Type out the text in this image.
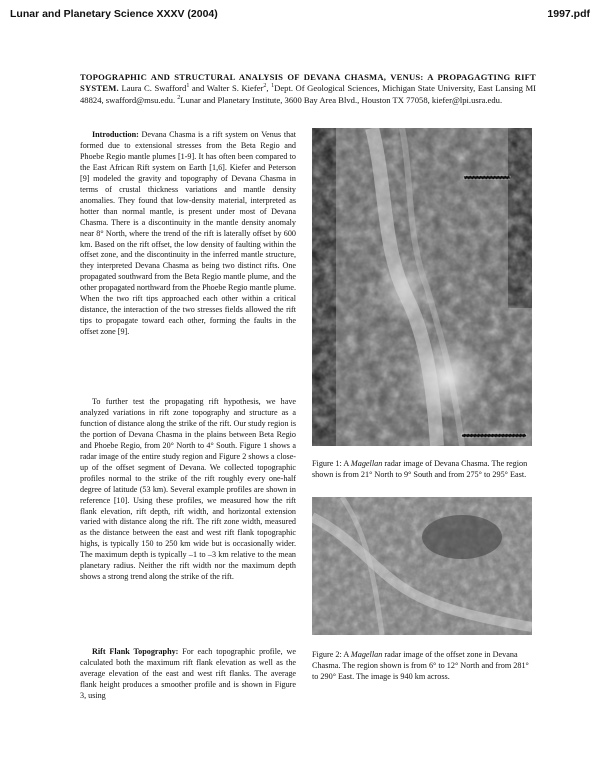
Lunar and Planetary Science XXXV (2004)	1997.pdf
TOPOGRAPHIC AND STRUCTURAL ANALYSIS OF DEVANA CHASMA, VENUS: A PROPAGAGTING RIFT SYSTEM. Laura C. Swafford$^1$ and Walter S. Kiefer$^2$, $^1$Dept. Of Geological Sciences, Michigan State University, East Lansing MI 48824, swafford@msu.edu. $^2$Lunar and Planetary Institute, 3600 Bay Area Blvd., Houston TX 77058, kiefer@lpi.usra.edu.

Introduction: Devana Chasma is a rift system on Venus that formed due to extensional stresses from the Beta Regio and Phoebe Regio mantle plumes [1-9]. It has often been compared to the East African Rift system on Earth [1,6]. Kiefer and Peterson [9] modeled the gravity and topography of Devana Chasma in terms of crustal thickness variations and mantle density anomalies. They found that low-density material, interpreted as hotter than normal mantle, is present under most of Devana Chasma. There is a discontinuity in the mantle density anomaly near 8° North, where the trend of the rift is laterally offset by 600 km. Based on the rift offset, the low density of faulting within the offset zone, and the discontinuity in the inferred mantle structure, they interpreted Devana Chasma as being two distinct rifts. One propagated southward from the Beta Regio mantle plume, and the other propagated northward from the Phoebe Regio mantle plume. When the two rift tips approached each other within a critical distance, the interaction of the two stresses fields allowed the rift tips to propagate toward each other, forming the faults in the offset zone [9].

To further test the propagating rift hypothesis, we have analyzed variations in rift zone topography and structure as a function of distance along the strike of the rift. Our study region is the portion of Devana Chasma in the plains between Beta Regio and Phoebe Regio, from 20° North to 4° South. Figure 1 shows a radar image of the entire study region and Figure 2 shows a close-up of the offset segment of Devana. We collected topographic profiles normal to the strike of the rift roughly every one-half degree of latitude (53 km). Several example profiles are shown in reference [10]. Using these profiles, we measured how the rift flank elevation, rift depth, rift width, and horizontal extension varied with distance along the rift. The rift zone width, measured as the distance between the east and west rift flank topographic highs, is typically 150 to 250 km wide but is occasionally wider. The maximum depth is typically –1 to –3 km relative to the mean planetary radius. Neither the rift width nor the maximum depth shows a strong trend along the strike of the rift.

Rift Flank Topography: For each topographic profile, we calculated both the maximum rift flank elevation as well as the average elevation of the east and west rift flanks. The average flank height produces a smoother profile and is shown in Figure 3, using

Figure 1: A Magellan radar image of Devana Chasma. The region shown is from 21° North to 9° South and from 275° to 295° East.
Figure 2: A Magellan radar image of the offset zone in Devana Chasma. The region shown is from 6° to 12° North and from 281° to 290° East. The image is 940 km across.
